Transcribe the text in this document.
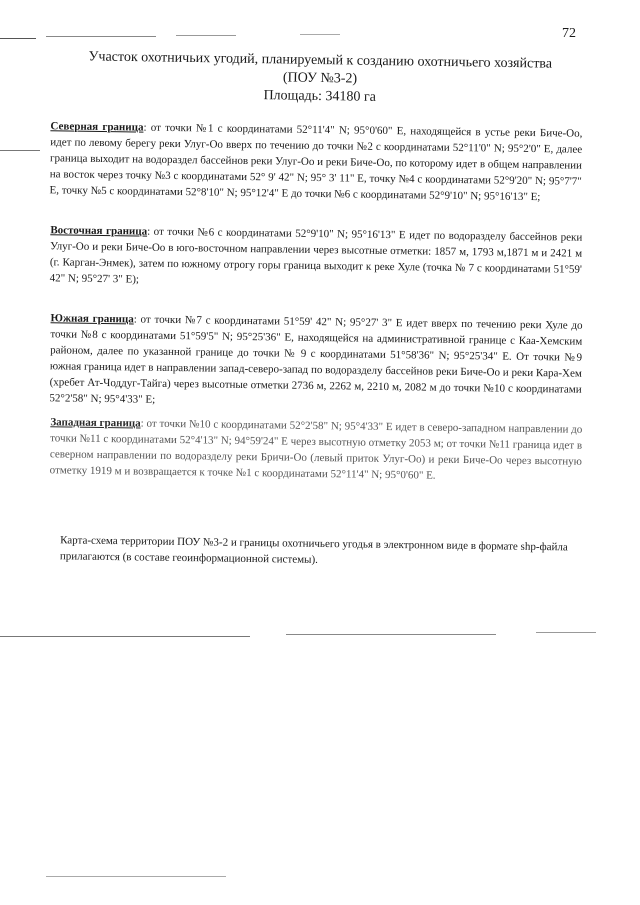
72
Участок охотничьих угодий, планируемый к созданию охотничьего хозяйства
(ПОУ №3-2)
Площадь: 34180 га
Северная граница: от точки №1 с координатами 52°11'4" N; 95°0'60" E, находящейся в устье реки Биче-Оо, идет по левому берегу реки Улуг-Оо вверх по течению до точки №2 с координатами 52°11'0" N; 95°2'0" E, далее граница выходит на водораздел бассейнов реки Улуг-Оо и реки Биче-Оо, по которому идет в общем направлении на восток через точку №3 с координатами 52° 9' 42" N; 95° 3' 11" E, точку №4 с координатами 52°9'20" N; 95°7'7" E, точку №5 с координатами 52°8'10" N; 95°12'4" E до точки №6 с координатами 52°9'10" N; 95°16'13" E;
Восточная граница: от точки №6 с координатами 52°9'10" N; 95°16'13" E идет по водоразделу бассейнов реки Улуг-Оо и реки Биче-Оо в юго-восточном направлении через высотные отметки: 1857 м, 1793 м,1871 м и 2421 м (г. Карган-Энмек), затем по южному отрогу горы граница выходит к реке Хуле (точка № 7 с координатами 51°59' 42" N; 95°27' 3" E);
Южная граница: от точки №7 с координатами 51°59' 42" N; 95°27' 3" E идет вверх по течению реки Хуле до точки №8 с координатами 51°59'5" N; 95°25'36" E, находящейся на административной границе с Каа-Хемским районом, далее по указанной границе до точки № 9 с координатами 51°58'36" N; 95°25'34" E. От точки №9 южная граница идет в направлении запад-северо-запад по водоразделу бассейнов реки Биче-Оо и реки Кара-Хем (хребет Ат-Чоддуг-Тайга) через высотные отметки 2736 м, 2262 м, 2210 м, 2082 м до точки №10 с координатами 52°2'58" N; 95°4'33" E;
Западная граница: от точки №10 с координатами 52°2'58" N; 95°4'33" E идет в северо-западном направлении до точки №11 с координатами 52°4'13" N; 94°59'24" E через высотную отметку 2053 м; от точки №11 граница идет в северном направлении по водоразделу реки Бричи-Оо (левый приток Улуг-Оо) и реки Биче-Оо через высотную отметку 1919 м и возвращается к точке №1 с координатами 52°11'4" N; 95°0'60" E.
Карта-схема территории ПОУ №3-2 и границы охотничьего угодья в электронном виде в формате shp-файла прилагаются (в составе геоинформационной системы).
